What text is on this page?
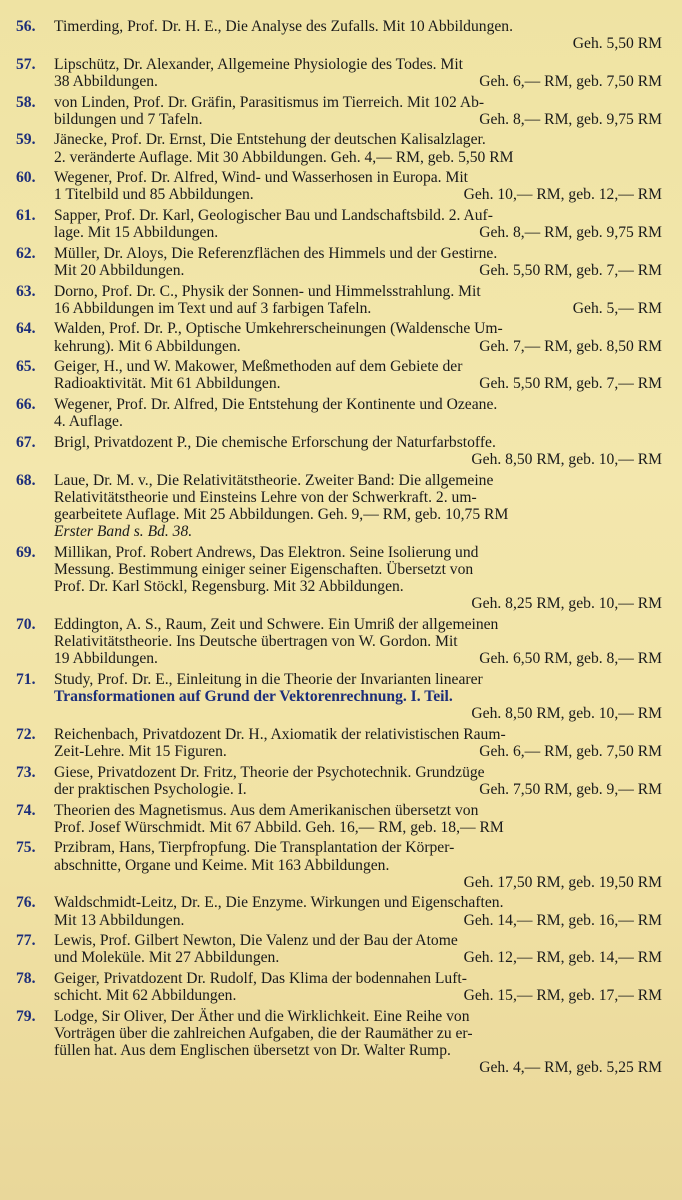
56. Timerding, Prof. Dr. H. E., Die Analyse des Zufalls. Mit 10 Abbildungen.
Geh. 5,50 RM
57. Lipschütz, Dr. Alexander, Allgemeine Physiologie des Todes. Mit
38 Abbildungen.	Geh. 6,— RM, geb. 7,50 RM
58. von Linden, Prof. Dr. Gräfin, Parasitismus im Tierreich. Mit 102 Ab-
bildungen und 7 Tafeln.	Geh. 8,— RM, geb. 9,75 RM
59. Jänecke, Prof. Dr. Ernst, Die Entstehung der deutschen Kalisalzlager.
2. veränderte Auflage. Mit 30 Abbildungen. Geh. 4,— RM, geb. 5,50 RM
60. Wegener, Prof. Dr. Alfred, Wind- und Wasserhosen in Europa. Mit
1 Titelbild und 85 Abbildungen.	Geh. 10,— RM, geb. 12,— RM
61. Sapper, Prof. Dr. Karl, Geologischer Bau und Landschaftsbild. 2. Auf-
lage. Mit 15 Abbildungen.	Geh. 8,— RM, geb. 9,75 RM
62. Müller, Dr. Aloys, Die Referenzflächen des Himmels und der Gestirne.
Mit 20 Abbildungen.	Geh. 5,50 RM, geb. 7,— RM
63. Dorno, Prof. Dr. C., Physik der Sonnen- und Himmelsstrahlung. Mit
16 Abbildungen im Text und auf 3 farbigen Tafeln.	Geh. 5,— RM
64. Walden, Prof. Dr. P., Optische Umkehrerscheinungen (Waldensche Um-
kehrung). Mit 6 Abbildungen.	Geh. 7,— RM, geb. 8,50 RM
65. Geiger, H., und W. Makower, Meßmethoden auf dem Gebiete der
Radioaktivität. Mit 61 Abbildungen.	Geh. 5,50 RM, geb. 7,— RM
66. Wegener, Prof. Dr. Alfred, Die Entstehung der Kontinente und Ozeane.
4. Auflage.
67. Brigl, Privatdozent P., Die chemische Erforschung der Naturfarbstoffe.
Geh. 8,50 RM, geb. 10,— RM
68. Laue, Dr. M. v., Die Relativitätstheorie. Zweiter Band: Die allgemeine
Relativitätstheorie und Einsteins Lehre von der Schwerkraft. 2. um-
gearbeitete Auflage. Mit 25 Abbildungen. Geh. 9,— RM, geb. 10,75 RM
Erster Band s. Bd. 38.
69. Millikan, Prof. Robert Andrews, Das Elektron. Seine Isolierung und
Messung. Bestimmung einiger seiner Eigenschaften. Übersetzt von
Prof. Dr. Karl Stöckl, Regensburg. Mit 32 Abbildungen.
Geh. 8,25 RM, geb. 10,— RM
70. Eddington, A. S., Raum, Zeit und Schwere. Ein Umriß der allgemeinen
Relativitätstheorie. Ins Deutsche übertragen von W. Gordon. Mit
19 Abbildungen.	Geh. 6,50 RM, geb. 8,— RM
71. Study, Prof. Dr. E., Einleitung in die Theorie der Invarianten linearer
Transformationen auf Grund der Vektorenrechnung. I. Teil.
Geh. 8,50 RM, geb. 10,— RM
72. Reichenbach, Privatdozent Dr. H., Axiomatik der relativistischen Raum-
Zeit-Lehre. Mit 15 Figuren.	Geh. 6,— RM, geb. 7,50 RM
73. Giese, Privatdozent Dr. Fritz, Theorie der Psychotechnik. Grundzüge
der praktischen Psychologie. I.	Geh. 7,50 RM, geb. 9,— RM
74. Theorien des Magnetismus. Aus dem Amerikanischen übersetzt von
Prof. Josef Würschmidt. Mit 67 Abbild. Geh. 16,— RM, geb. 18,— RM
75. Przibram, Hans, Tierpfropfung. Die Transplantation der Körper-
abschnitte, Organe und Keime. Mit 163 Abbildungen.
Geh. 17,50 RM, geb. 19,50 RM
76. Waldschmidt-Leitz, Dr. E., Die Enzyme. Wirkungen und Eigenschaften.
Mit 13 Abbildungen.	Geh. 14,— RM, geb. 16,— RM
77. Lewis, Prof. Gilbert Newton, Die Valenz und der Bau der Atome
und Moleküle. Mit 27 Abbildungen.	Geh. 12,— RM, geb. 14,— RM
78. Geiger, Privatdozent Dr. Rudolf, Das Klima der bodennahen Luft-
schicht. Mit 62 Abbildungen.	Geh. 15,— RM, geb. 17,— RM
79. Lodge, Sir Oliver, Der Äther und die Wirklichkeit. Eine Reihe von
Vorträgen über die zahlreichen Aufgaben, die der Raumäther zu er-
füllen hat. Aus dem Englischen übersetzt von Dr. Walter Rump.
Geh. 4,— RM, geb. 5,25 RM
